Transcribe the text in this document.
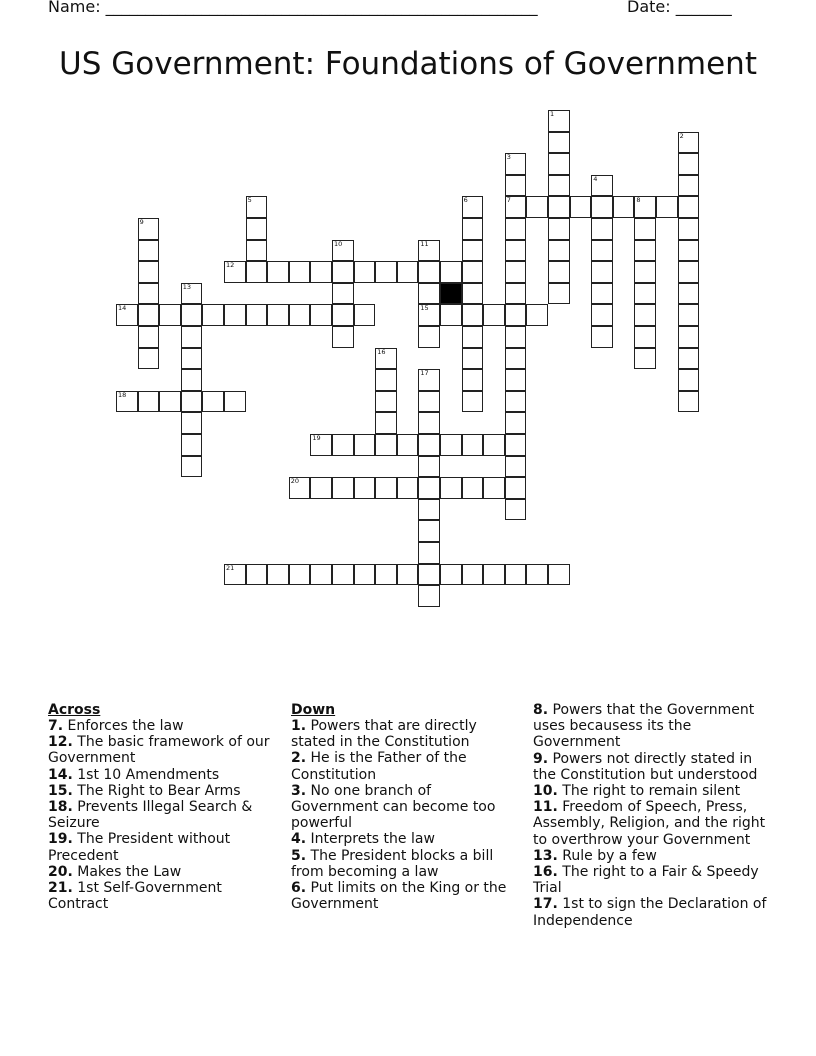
Name: ______________________________________________________	Date: _______
US Government: Foundations of Government
1
2
3
7
4
5	6	8
9
10	11
15
12
13
14
16
17
18
19
20
21
Across
7. Enforces the law
12. The basic framework of our Government
14. 1st 10 Amendments
15. The Right to Bear Arms
18. Prevents Illegal Search & Seizure
19. The President without Precedent
20. Makes the Law
21. 1st Self-Government Contract
Down
1. Powers that are directly stated in the Constitution
2. He is the Father of the Constitution
3. No one branch of Government can become too powerful
4. Interprets the law
5. The President blocks a bill from becoming a law
6. Put limits on the King or the Government
8. Powers that the Government uses becausess its the Government
9. Powers not directly stated in the Constitution but understood
10. The right to remain silent
11. Freedom of Speech, Press, Assembly, Religion, and the right to overthrow your Government
13. Rule by a few
16. The right to a Fair & Speedy Trial
17. 1st to sign the Declaration of Independence
